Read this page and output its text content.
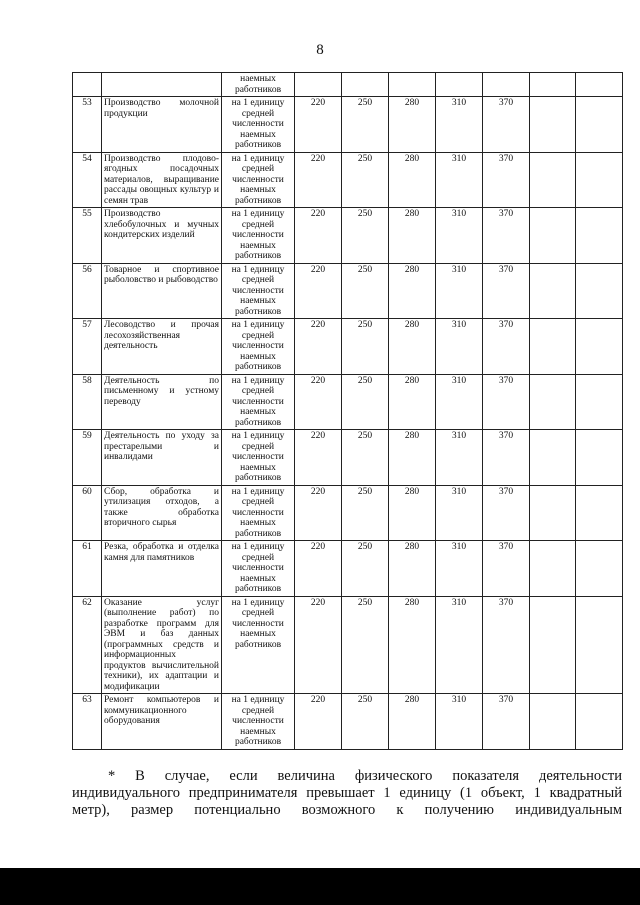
8
		наемных работников							
53	Производство молочной продукции	на 1 единицу средней численности наемных работников	220	250	280	310	370		
54	Производство плодово-ягодных посадочных материалов, выращивание рассады овощных культур и семян трав	на 1 единицу средней численности наемных работников	220	250	280	310	370		
55	Производство хлебобулочных и мучных кондитерских изделий	на 1 единицу средней численности наемных работников	220	250	280	310	370		
56	Товарное и спортивное рыболовство и рыбоводство	на 1 единицу средней численности наемных работников	220	250	280	310	370		
57	Лесоводство и прочая лесохозяйственная деятельность	на 1 единицу средней численности наемных работников	220	250	280	310	370		
58	Деятельность по письменному и устному переводу	на 1 единицу средней численности наемных работников	220	250	280	310	370		
59	Деятельность по уходу за престарелыми и инвалидами	на 1 единицу средней численности наемных работников	220	250	280	310	370		
60	Сбор, обработка и утилизация отходов, а также обработка вторичного сырья	на 1 единицу средней численности наемных работников	220	250	280	310	370		
61	Резка, обработка и отделка камня для памятников	на 1 единицу средней численности наемных работников	220	250	280	310	370		
62	Оказание услуг (выполнение работ) по разработке программ для ЭВМ и баз данных (программных средств и информационных продуктов вычислительной техники), их адаптации и модификации	на 1 единицу средней численности наемных работников	220	250	280	310	370		
63	Ремонт компьютеров и коммуникационного оборудования	на 1 единицу средней численности наемных работников	220	250	280	310	370		
* В случае, если величина физического показателя деятельности
индивидуального предпринимателя превышает 1 единицу (1 объект, 1 квадратный
метр), размер потенциально возможного к получению индивидуальным
